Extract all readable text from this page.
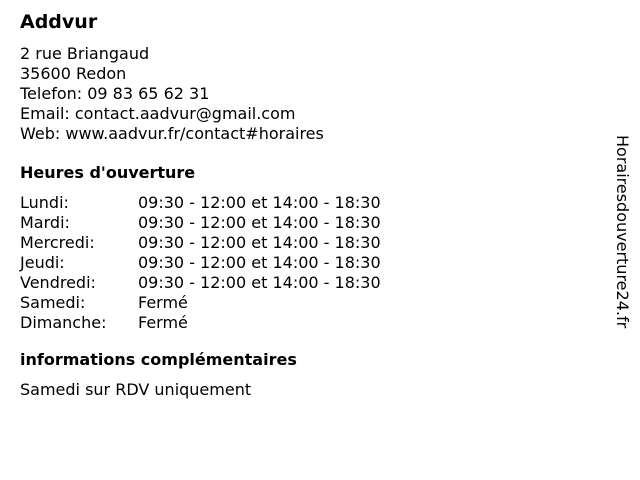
Addvur
2 rue Briangaud
35600 Redon
Telefon: 09 83 65 62 31
Email: contact.aadvur@gmail.com
Web: www.aadvur.fr/contact#horaires
Heures d'ouverture
Lundi:	09:30 - 12:00 et 14:00 - 18:30
Mardi:	09:30 - 12:00 et 14:00 - 18:30
Mercredi:	09:30 - 12:00 et 14:00 - 18:30
Jeudi:	09:30 - 12:00 et 14:00 - 18:30
Vendredi:	09:30 - 12:00 et 14:00 - 18:30
Samedi:	Fermé
Dimanche:	Fermé
informations complémentaires
Samedi sur RDV uniquement
Horairesdouverture24.fr
